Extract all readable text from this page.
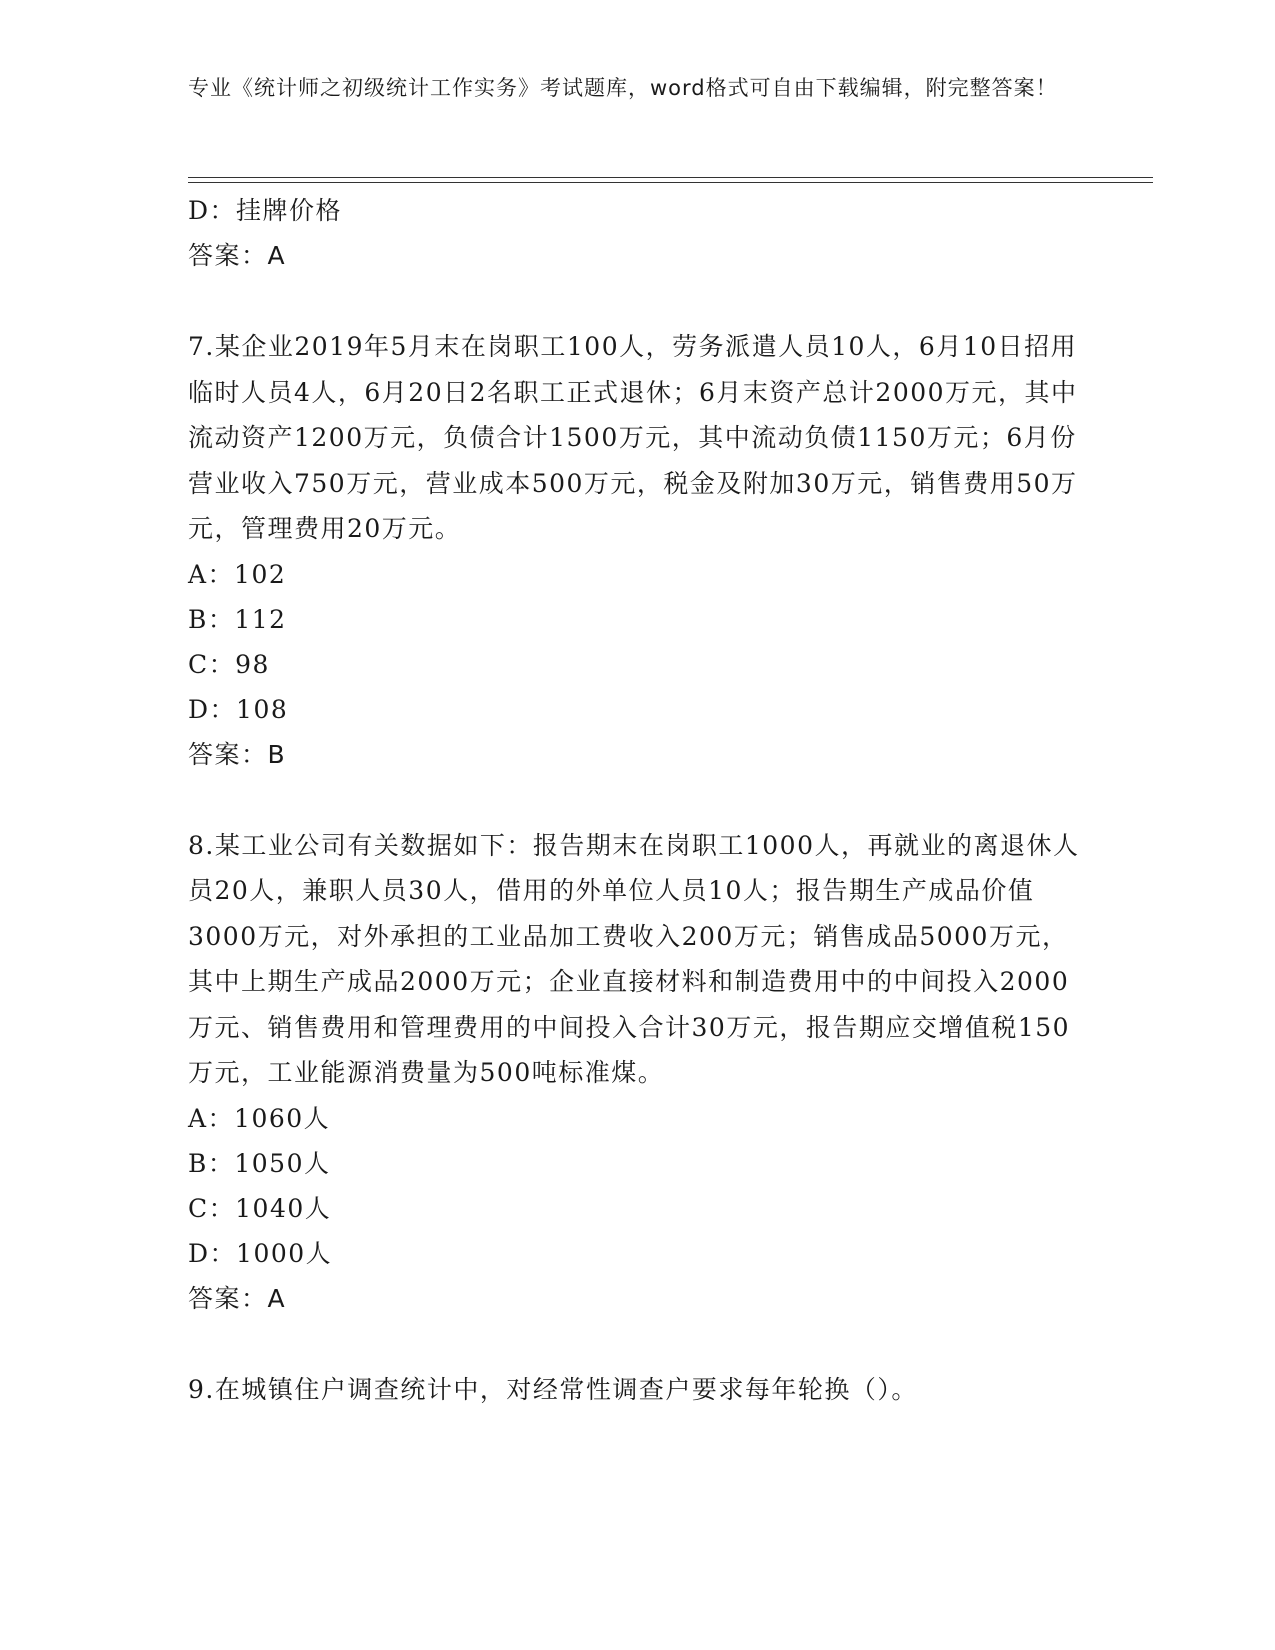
专业《统计师之初级统计工作实务》考试题库，word格式可自由下载编辑，附完整答案！
D：挂牌价格
答案：A

7.某企业2019年5月末在岗职工100人，劳务派遣人员10人，6月10日招用临时人员4人，6月20日2名职工正式退休；6月末资产总计2000万元，其中流动资产1200万元，负债合计1500万元，其中流动负债1150万元；6月份营业收入750万元，营业成本500万元，税金及附加30万元，销售费用50万元，管理费用20万元。

A：102
B：112
C：98
D：108
答案：B

8.某工业公司有关数据如下：报告期末在岗职工1000人，再就业的离退休人员20人，兼职人员30人，借用的外单位人员10人；报告期生产成品价值3000万元，对外承担的工业品加工费收入200万元；销售成品5000万元，其中上期生产成品2000万元；企业直接材料和制造费用中的中间投入2000万元、销售费用和管理费用的中间投入合计30万元，报告期应交增值税150万元，工业能源消费量为500吨标准煤。

A：1060人
B：1050人
C：1040人
D：1000人
答案：A

9.在城镇住户调查统计中，对经常性调查户要求每年轮换（）。
